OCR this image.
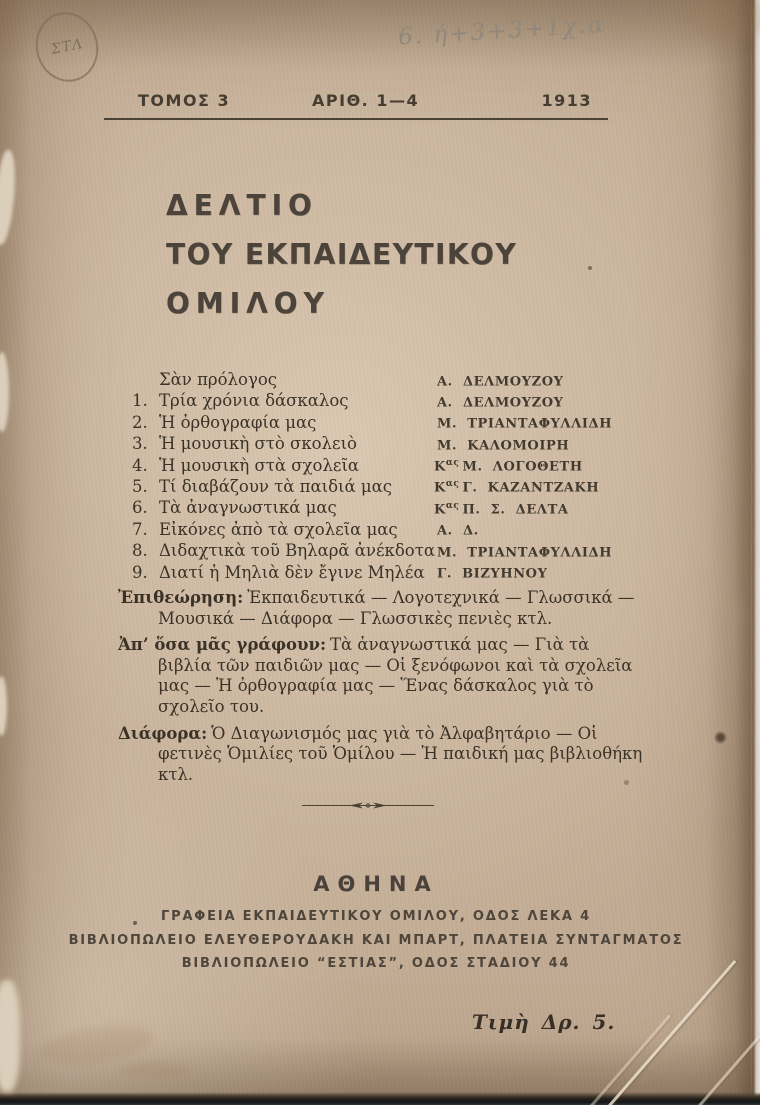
ΣΤΛ	6. ή+3+3+1χ.α
ΤΟΜΟΣ 3	ΑΡΙΘ. 1—4	1913
ΔΕΛΤΙΟ
ΤΟΥ ΕΚΠΑΙΔΕΥΤΙΚΟΥ
ΟΜΙΛΟΥ
Σὰν πρόλογος	Α. ΔΕΛΜΟΥΖΟΥ
1. Τρία χρόνια δάσκαλος	Α. ΔΕΛΜΟΥΖΟΥ
2. Ἡ ὀρθογραφία μας	Μ. ΤΡΙΑΝΤΑΦΥΛΛΙΔΗ
3. Ἡ μουσικὴ στὸ σκολειὸ	Μ. ΚΑΛΟΜΟΙΡΗ
4. Ἡ μουσικὴ στὰ σχολεῖα	$K^{\alpha\varsigma}$ Μ. ΛΟΓΟΘΕΤΗ
5. Τί διαβάζουν τὰ παιδιά μας	$K^{\alpha\varsigma}$ Γ. ΚΑΖΑΝΤΖΑΚΗ
6. Τὰ ἀναγνωστικά μας	$K^{\alpha\varsigma}$ Π. Σ. ΔΕΛΤΑ
7. Εἰκόνες ἀπὸ τὰ σχολεῖα μας	Α. Δ.
8. Διδαχτικὰ τοῦ Βηλαρᾶ ἀνέκδοτα Μ. ΤΡΙΑΝΤΑΦΥΛΛΙΔΗ
9. Διατί ἡ Μηλιὰ δὲν ἔγινε Μηλέα Γ. ΒΙΖΥΗΝΟΥ

Ἐπιθεώρηση: Ἐκπαιδευτικά — Λογοτεχνικά — Γλωσσικά — Μουσικά — Διάφορα — Γλωσσικὲς πενιὲς κτλ.

Ἀπ’ ὅσα μᾶς γράφουν: Τὰ ἀναγνωστικά μας — Γιὰ τὰ βιβλία τῶν παιδιῶν μας — Οἱ ξενόφωνοι καὶ τὰ σχολεῖα μας — Ἡ ὀρθογραφία μας — Ἕνας δάσκαλος γιὰ τὸ σχολεῖο του.

Διάφορα: Ὁ Διαγωνισμός μας γιὰ τὸ Ἀλφαβητάριο — Οἱ φετινὲς Ὁμιλίες τοῦ Ὁμίλου — Ἡ παιδική μας βιβλιοθήκη κτλ.

ΑΘΗΝΑ
ΓΡΑΦΕΙΑ ΕΚΠΑΙΔΕΥΤΙΚΟΥ ΟΜΙΛΟΥ, ΟΔΟΣ ΛΕΚΑ 4
ΒΙΒΛΙΟΠΩΛΕΙΟ ΕΛΕΥΘΕΡΟΥΔΑΚΗ ΚΑΙ ΜΠΑΡΤ, ΠΛΑΤΕΙΑ ΣΥΝΤΑΓΜΑΤΟΣ
ΒΙΒΛΙΟΠΩΛΕΙΟ “ΕΣΤΙΑΣ”, ΟΔΟΣ ΣΤΑΔΙΟΥ 44
Τιμὴ Δρ. 5.
